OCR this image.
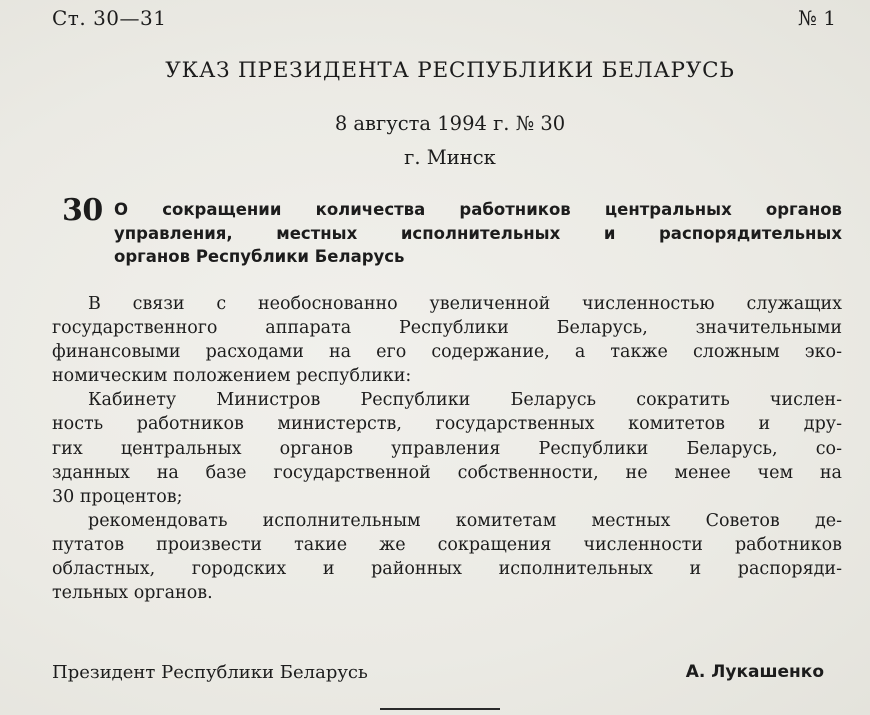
Ст. 30—31	№ 1
УКАЗ ПРЕЗИДЕНТА РЕСПУБЛИКИ БЕЛАРУСЬ
8 августа 1994 г. № 30
г. Минск
30 О сокращении количества работников центральных органов
управления, местных исполнительных и распорядительных
органов Республики Беларусь
В связи с необоснованно увеличенной численностью служащих
государственного аппарата Республики Беларусь, значительными
финансовыми расходами на его содержание, а также сложным эко-
номическим положением республики:
Кабинету Министров Республики Беларусь сократить числен-
ность работников министерств, государственных комитетов и дру-
гих центральных органов управления Республики Беларусь, со-
зданных на базе государственной собственности, не менее чем на
30 процентов;
рекомендовать исполнительным комитетам местных Советов де-
путатов произвести такие же сокращения численности работников
областных, городских и районных исполнительных и распоряди-
тельных органов.
Президент Республики Беларусь	А. Лукашенко
